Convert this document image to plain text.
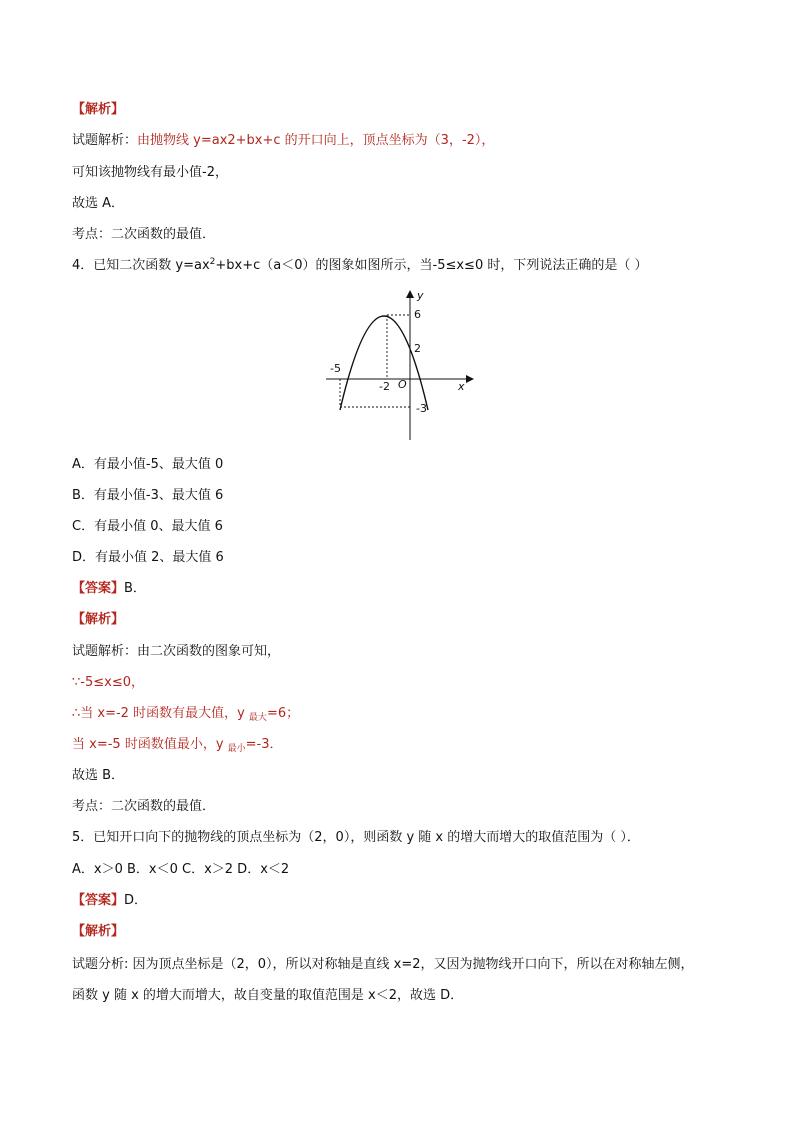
【解析】
试题解析：由抛物线 y=ax2+bx+c 的开口向上，顶点坐标为（3，-2），
可知该抛物线有最小值-2，
故选 A．
考点：二次函数的最值．
4．已知二次函数 $y=ax^2+bx+c(a<0)$的图象如图所示，当-5≤x≤0 时，下列说法正确的是（ ）
y
x
O
6
2
-5
-2
-3
A．有最小值-5、最大值 0
B．有最小值-3、最大值 6
C．有最小值 0、最大值 6
D．有最小值 2、最大值 6
【答案】B．
【解析】
试题解析：由二次函数的图象可知，
∵-5≤x≤0，
∴当 x=-2 时函数有最大值，y $_{最大}$=6；
当 x=-5 时函数值最小，y $_{最小}$=-3．
故选 B．
考点：二次函数的最值．
5．已知开口向下的抛物线的顶点坐标为（2，0），则函数 y 随 x 的增大而增大的取值范围为（ ）．
A．x＞0 B．x＜0 C．x＞2 D．x＜2
【答案】D．
【解析】
试题分析: 因为顶点坐标是（2，0），所以对称轴是直线 x=2，又因为抛物线开口向下，所以在对称轴左侧，
函数 y 随 x 的增大而增大，故自变量的取值范围是 x＜2，故选 D．
